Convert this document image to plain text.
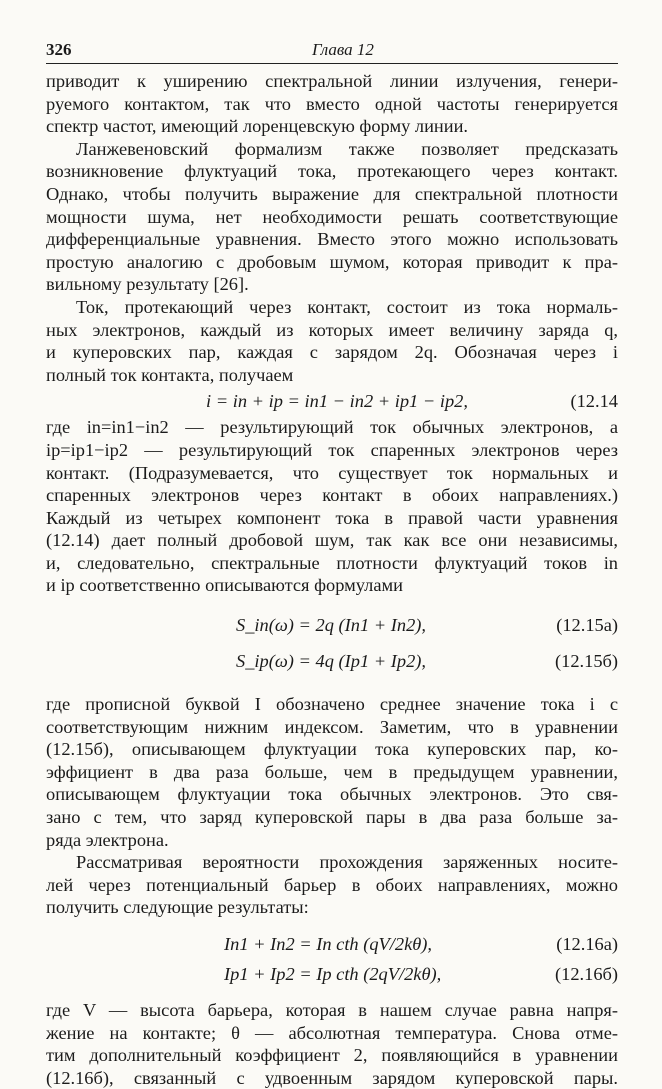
326	Глава 12
приводит к уширению спектральной линии излучения, генери-
руемого контактом, так что вместо одной частоты генерируется
спектр частот, имеющий лоренцевскую форму линии.
Ланжевеновский формализм также позволяет предсказать
возникновение флуктуаций тока, протекающего через контакт.
Однако, чтобы получить выражение для спектральной плотности
мощности шума, нет необходимости решать соответствующие
дифференциальные уравнения. Вместо этого можно использовать
простую аналогию с дробовым шумом, которая приводит к пра-
вильному результату [26].
Ток, протекающий через контакт, состоит из тока нормаль-
ных электронов, каждый из которых имеет величину заряда q,
и куперовских пар, каждая с зарядом 2q. Обозначая через i
полный ток контакта, получаем
i = in + ip = in1 − in2 + ip1 − ip2,	(12.14
где in=in1−in2 — результирующий ток обычных электронов, а
ip=ip1−ip2 — результирующий ток спаренных электронов через
контакт. (Подразумевается, что существует ток нормальных и
спаренных электронов через контакт в обоих направлениях.)
Каждый из четырех компонент тока в правой части уравнения
(12.14) дает полный дробовой шум, так как все они независимы,
и, следовательно, спектральные плотности флуктуаций токов in
и ip соответственно описываются формулами
S_in(ω) = 2q (In1 + In2),	(12.15а)
S_ip(ω) = 4q (Ip1 + Ip2),	(12.15б)
где прописной буквой I обозначено среднее значение тока i с
соответствующим нижним индексом. Заметим, что в уравнении
(12.15б), описывающем флуктуации тока куперовских пар, ко-
эффициент в два раза больше, чем в предыдущем уравнении,
описывающем флуктуации тока обычных электронов. Это свя-
зано с тем, что заряд куперовской пары в два раза больше за-
ряда электрона.
Рассматривая вероятности прохождения заряженных носите-
лей через потенциальный барьер в обоих направлениях, можно
получить следующие результаты:
In1 + In2 = In cth (qV/2kθ),	(12.16а)
Ip1 + Ip2 = Ip cth (2qV/2kθ),	(12.16б)
где V — высота барьера, которая в нашем случае равна напря-
жение на контакте; θ — абсолютная температура. Снова отме-
тим дополнительный коэффициент 2, появляющийся в уравнении
(12.16б), связанный с удвоенным зарядом куперовской пары.
